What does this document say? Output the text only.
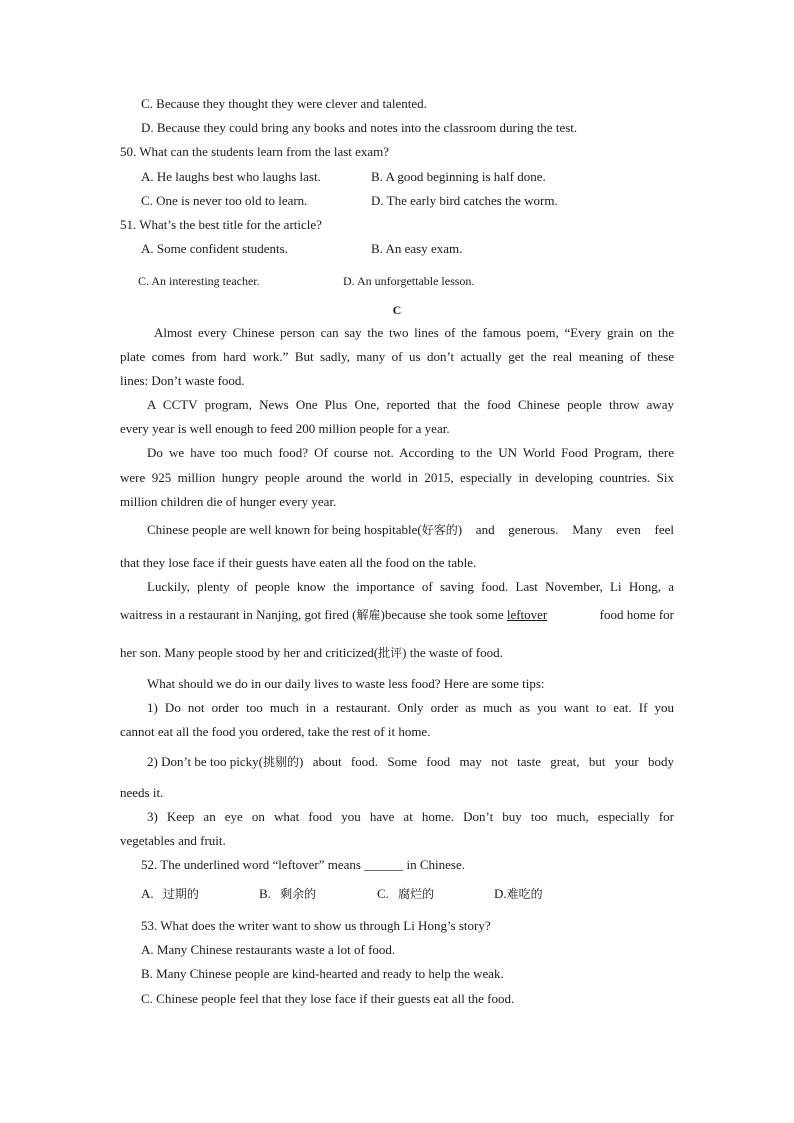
C. Because they thought they were clever and talented.
D. Because they could bring any books and notes into the classroom during the test.
50. What can the students learn from the last exam?
A. He laughs best who laughs last.	B. A good beginning is half done.
C. One is never too old to learn.	D. The early bird catches the worm.
51. What’s the best title for the article?
A. Some confident students.	B. An easy exam.
C. An interesting teacher.	D. An unforgettable lesson.
C
Almost every Chinese person can say the two lines of the famous poem, “Every grain on the
plate comes from hard work.” But sadly, many of us don’t actually get the real meaning of these
lines: Don’t waste food.
A CCTV program, News One Plus One, reported that the food Chinese people throw away
every year is well enough to feed 200 million people for a year.
Do we have too much food? Of course not. According to the UN World Food Program, there
were 925 million hungry people around the world in 2015, especially in developing countries. Six
million children die of hunger every year.
Chinese people are well known for being hospitable( 好客的 ) and generous. Many even feel
that they lose face if their guests have eaten all the food on the table.
Luckily, plenty of people know the importance of saving food. Last November, Li Hong, a
waitress in a restaurant in Nanjing, got fired ( 解雇 )because she took some leftover	food home for
her son. Many people stood by her and criticized(批评) the waste of food.
What should we do in our daily lives to waste less food? Here are some tips:
1) Do not order too much in a restaurant. Only order as much as you want to eat. If you
cannot eat all the food you ordered, take the rest of it home.
2) Don’t be too picky( 挑剔的 ) about food. Some food may not taste great, but your body
needs it.
3) Keep an eye on what food you have at home. Don’t buy too much, especially for
vegetables and fruit.
52. The underlined word “leftover” means ______ in Chinese.
A. 过期的	B. 剩余的	C. 腐烂的	D.难吃的
53. What does the writer want to show us through Li Hong’s story?
A. Many Chinese restaurants waste a lot of food.
B. Many Chinese people are kind-hearted and ready to help the weak.
C. Chinese people feel that they lose face if their guests eat all the food.
